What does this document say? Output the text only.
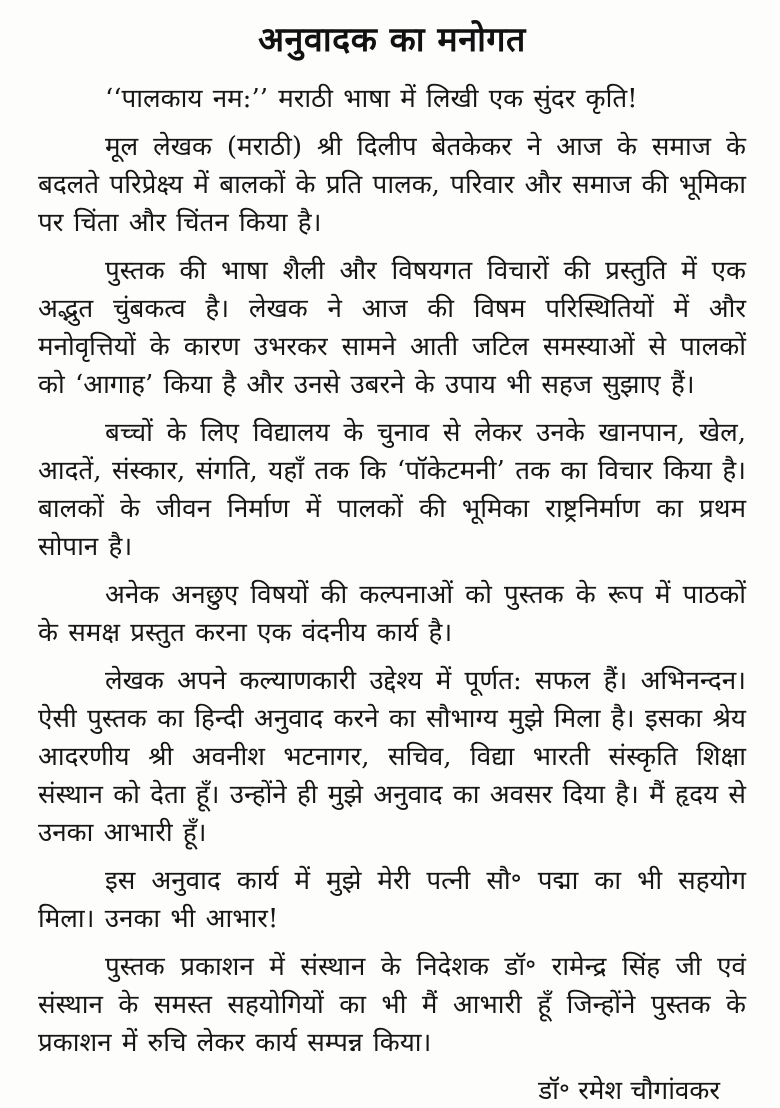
अनुवादक का मनोगत

‘‘पालकाय नम:’’ मराठी भाषा में लिखी एक सुंदर कृति!

मूल लेखक (मराठी) श्री दिलीप बेतकेकर ने आज के समाज के बदलते परिप्रेक्ष्य में बालकों के प्रति पालक, परिवार और समाज की भूमिका पर चिंता और चिंतन किया है।

पुस्तक की भाषा शैली और विषयगत विचारों की प्रस्तुति में एक अद्भुत चुंबकत्व है। लेखक ने आज की विषम परिस्थितियों में और मनोवृत्तियों के कारण उभरकर सामने आती जटिल समस्याओं से पालकों को ‘आगाह’ किया है और उनसे उबरने के उपाय भी सहज सुझाए हैं।

बच्चों के लिए विद्यालय के चुनाव से लेकर उनके खानपान, खेल, आदतें, संस्कार, संगति, यहाँ तक कि ‘पॉकेटमनी’ तक का विचार किया है। बालकों के जीवन निर्माण में पालकों की भूमिका राष्ट्रनिर्माण का प्रथम सोपान है।

अनेक अनछुए विषयों की कल्पनाओं को पुस्तक के रूप में पाठकों के समक्ष प्रस्तुत करना एक वंदनीय कार्य है।

लेखक अपने कल्याणकारी उद्देश्य में पूर्णत: सफल हैं। अभिनन्दन। ऐसी पुस्तक का हिन्दी अनुवाद करने का सौभाग्य मुझे मिला है। इसका श्रेय आदरणीय श्री अवनीश भटनागर, सचिव, विद्या भारती संस्कृति शिक्षा संस्थान को देता हूँ। उन्होंने ही मुझे अनुवाद का अवसर दिया है। मैं हृदय से उनका आभारी हूँ।

इस अनुवाद कार्य में मुझे मेरी पत्नी सौ॰ पद्मा का भी सहयोग मिला। उनका भी आभार!

पुस्तक प्रकाशन में संस्थान के निदेशक डॉ॰ रामेन्द्र सिंह जी एवं संस्थान के समस्त सहयोगियों का भी मैं आभारी हूँ जिन्होंने पुस्तक के प्रकाशन में रुचि लेकर कार्य सम्पन्न किया।

डॉ॰ रमेश चौगांवकर
